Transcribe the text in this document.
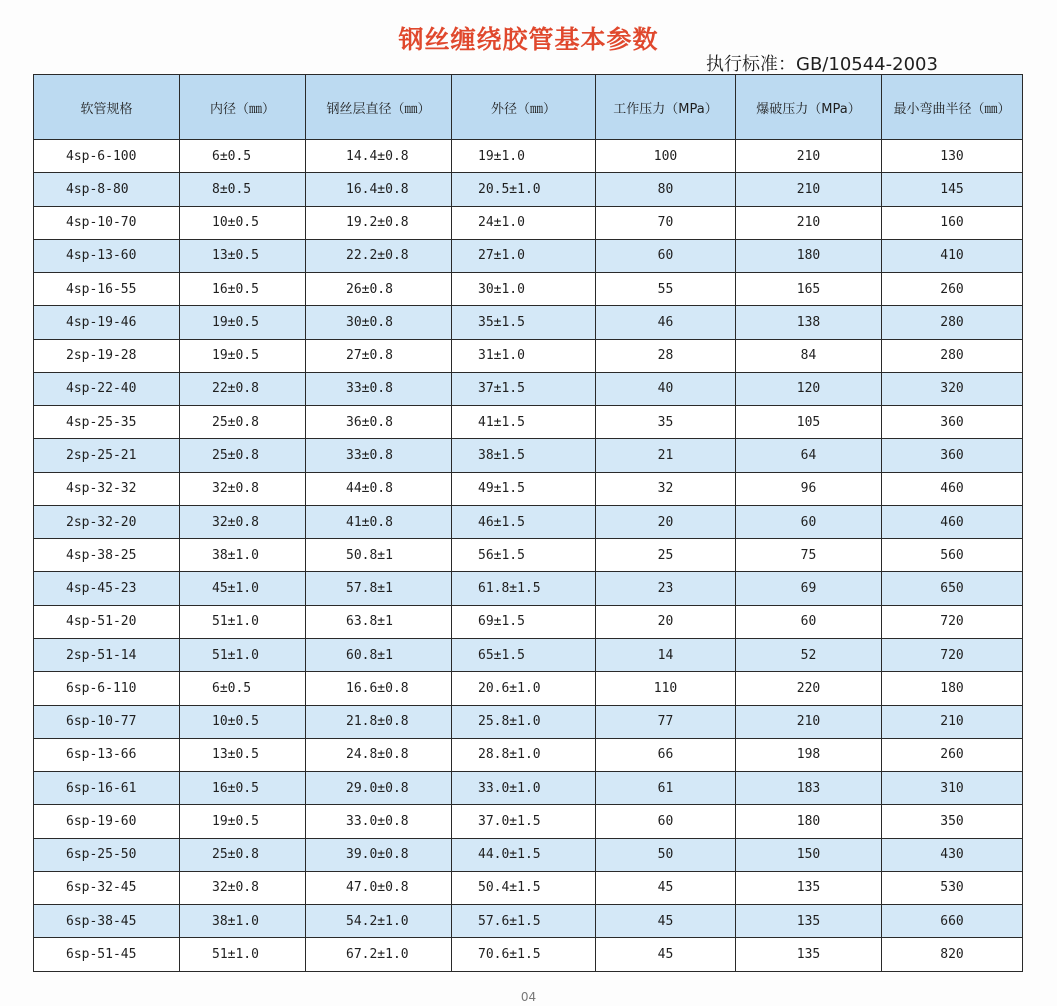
钢丝缠绕胶管基本参数
执行标准：GB/10544-2003
软管规格	内径（㎜）	钢丝层直径（㎜）	外径（㎜）	工作压力（MPa）	爆破压力（MPa）	最小弯曲半径（㎜）
4sp-6-100	6±0.5	14.4±0.8	19±1.0	100	210	130
4sp-8-80	8±0.5	16.4±0.8	20.5±1.0	80	210	145
4sp-10-70	10±0.5	19.2±0.8	24±1.0	70	210	160
4sp-13-60	13±0.5	22.2±0.8	27±1.0	60	180	410
4sp-16-55	16±0.5	26±0.8	30±1.0	55	165	260
4sp-19-46	19±0.5	30±0.8	35±1.5	46	138	280
2sp-19-28	19±0.5	27±0.8	31±1.0	28	84	280
4sp-22-40	22±0.8	33±0.8	37±1.5	40	120	320
4sp-25-35	25±0.8	36±0.8	41±1.5	35	105	360
2sp-25-21	25±0.8	33±0.8	38±1.5	21	64	360
4sp-32-32	32±0.8	44±0.8	49±1.5	32	96	460
2sp-32-20	32±0.8	41±0.8	46±1.5	20	60	460
4sp-38-25	38±1.0	50.8±1	56±1.5	25	75	560
4sp-45-23	45±1.0	57.8±1	61.8±1.5	23	69	650
4sp-51-20	51±1.0	63.8±1	69±1.5	20	60	720
2sp-51-14	51±1.0	60.8±1	65±1.5	14	52	720
6sp-6-110	6±0.5	16.6±0.8	20.6±1.0	110	220	180
6sp-10-77	10±0.5	21.8±0.8	25.8±1.0	77	210	210
6sp-13-66	13±0.5	24.8±0.8	28.8±1.0	66	198	260
6sp-16-61	16±0.5	29.0±0.8	33.0±1.0	61	183	310
6sp-19-60	19±0.5	33.0±0.8	37.0±1.5	60	180	350
6sp-25-50	25±0.8	39.0±0.8	44.0±1.5	50	150	430
6sp-32-45	32±0.8	47.0±0.8	50.4±1.5	45	135	530
6sp-38-45	38±1.0	54.2±1.0	57.6±1.5	45	135	660
6sp-51-45	51±1.0	67.2±1.0	70.6±1.5	45	135	820
04
